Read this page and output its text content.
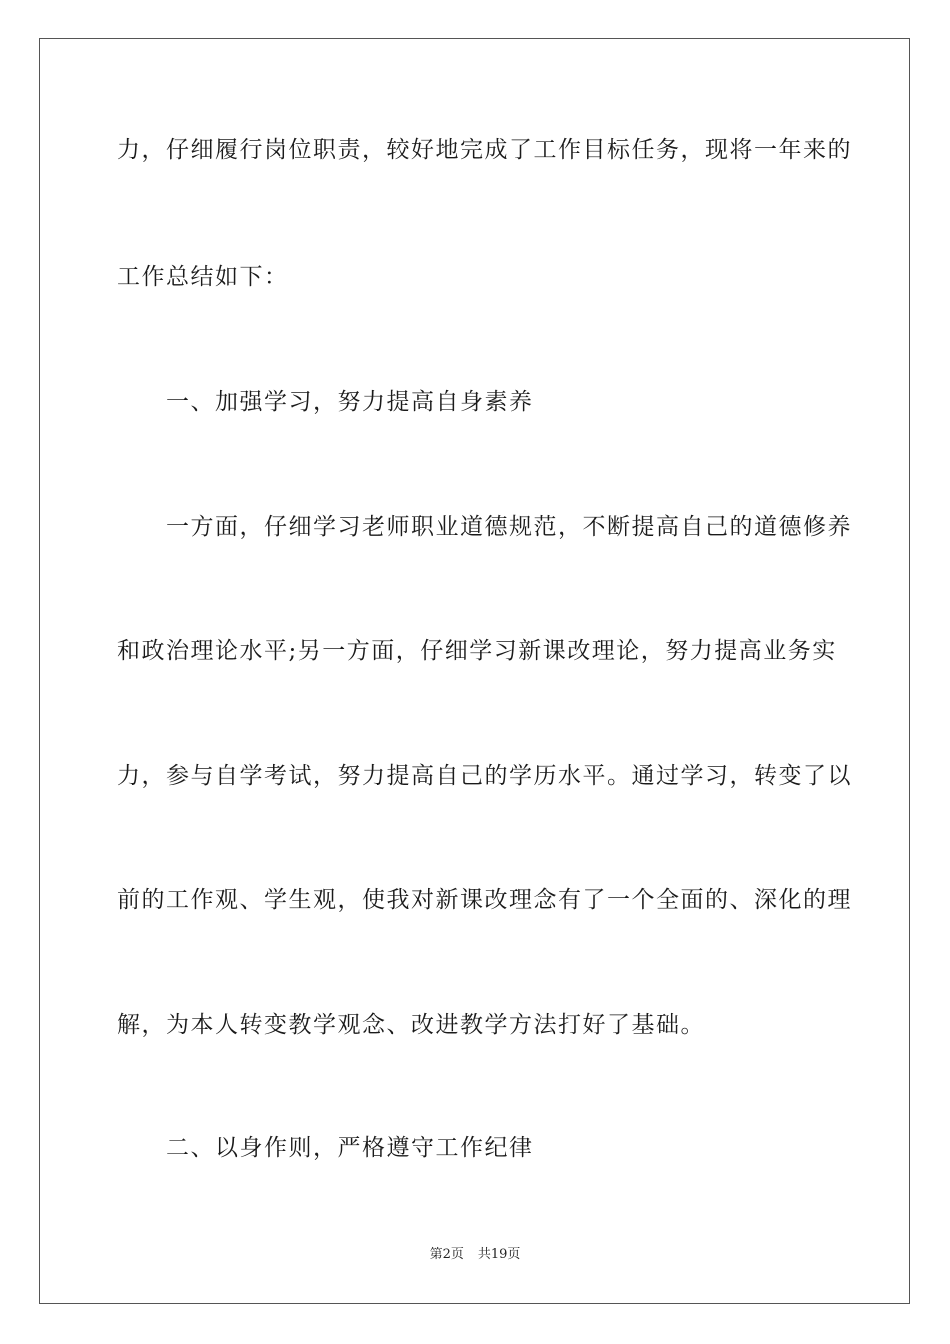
力，仔细履行岗位职责，较好地完成了工作目标任务，现将一年来的
工作总结如下：
一、加强学习，努力提高自身素养
一方面，仔细学习老师职业道德规范，不断提高自己的道德修养
和政治理论水平;另一方面，仔细学习新课改理论，努力提高业务实
力，参与自学考试，努力提高自己的学历水平。通过学习，转变了以
前的工作观、学生观，使我对新课改理念有了一个全面的、深化的理
解，为本人转变教学观念、改进教学方法打好了基础。
二、以身作则，严格遵守工作纪律
第2页 共19页
